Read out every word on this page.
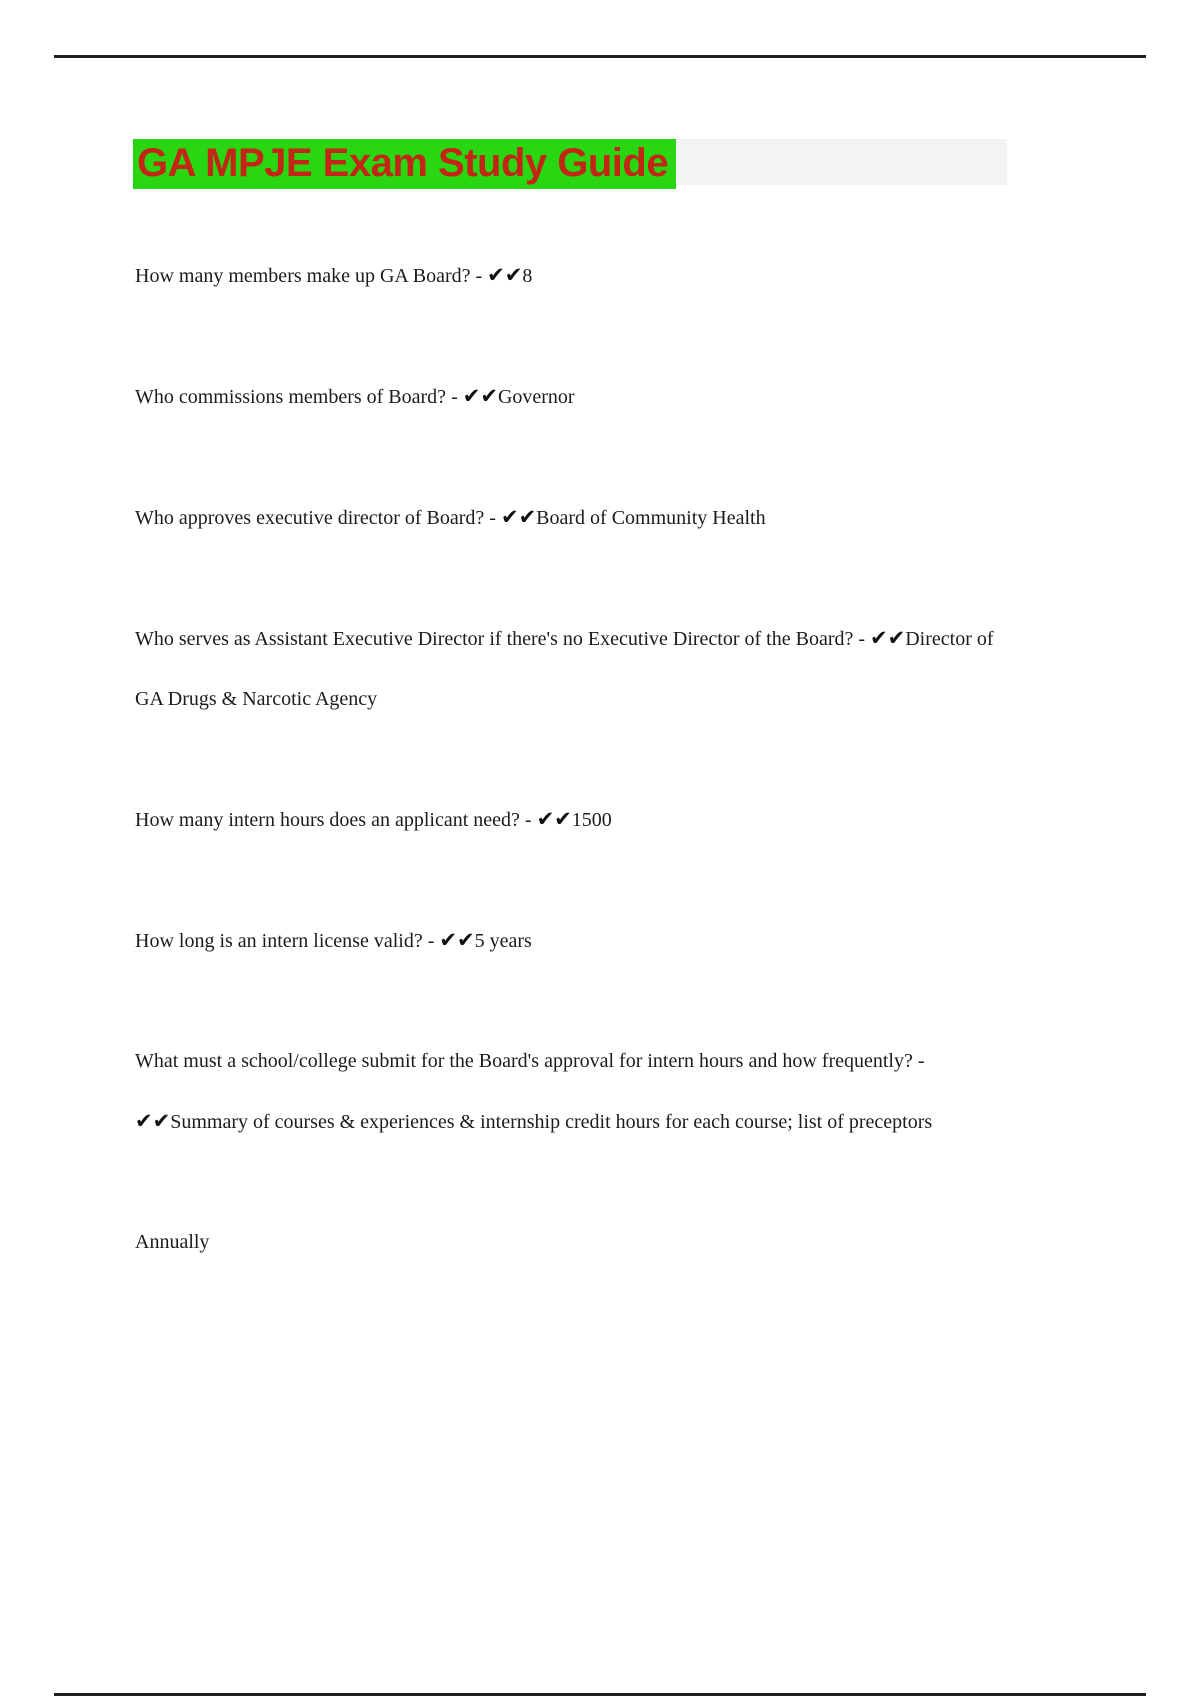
GA MPJE Exam Study Guide

How many members make up GA Board? - ✔✔8

Who commissions members of Board? - ✔✔Governor

Who approves executive director of Board? - ✔✔Board of Community Health

Who serves as Assistant Executive Director if there's no Executive Director of the Board? - ✔✔Director of GA Drugs & Narcotic Agency

How many intern hours does an applicant need? - ✔✔1500

How long is an intern license valid? - ✔✔5 years

What must a school/college submit for the Board's approval for intern hours and how frequently? - ✔✔Summary of courses & experiences & internship credit hours for each course; list of preceptors

Annually
